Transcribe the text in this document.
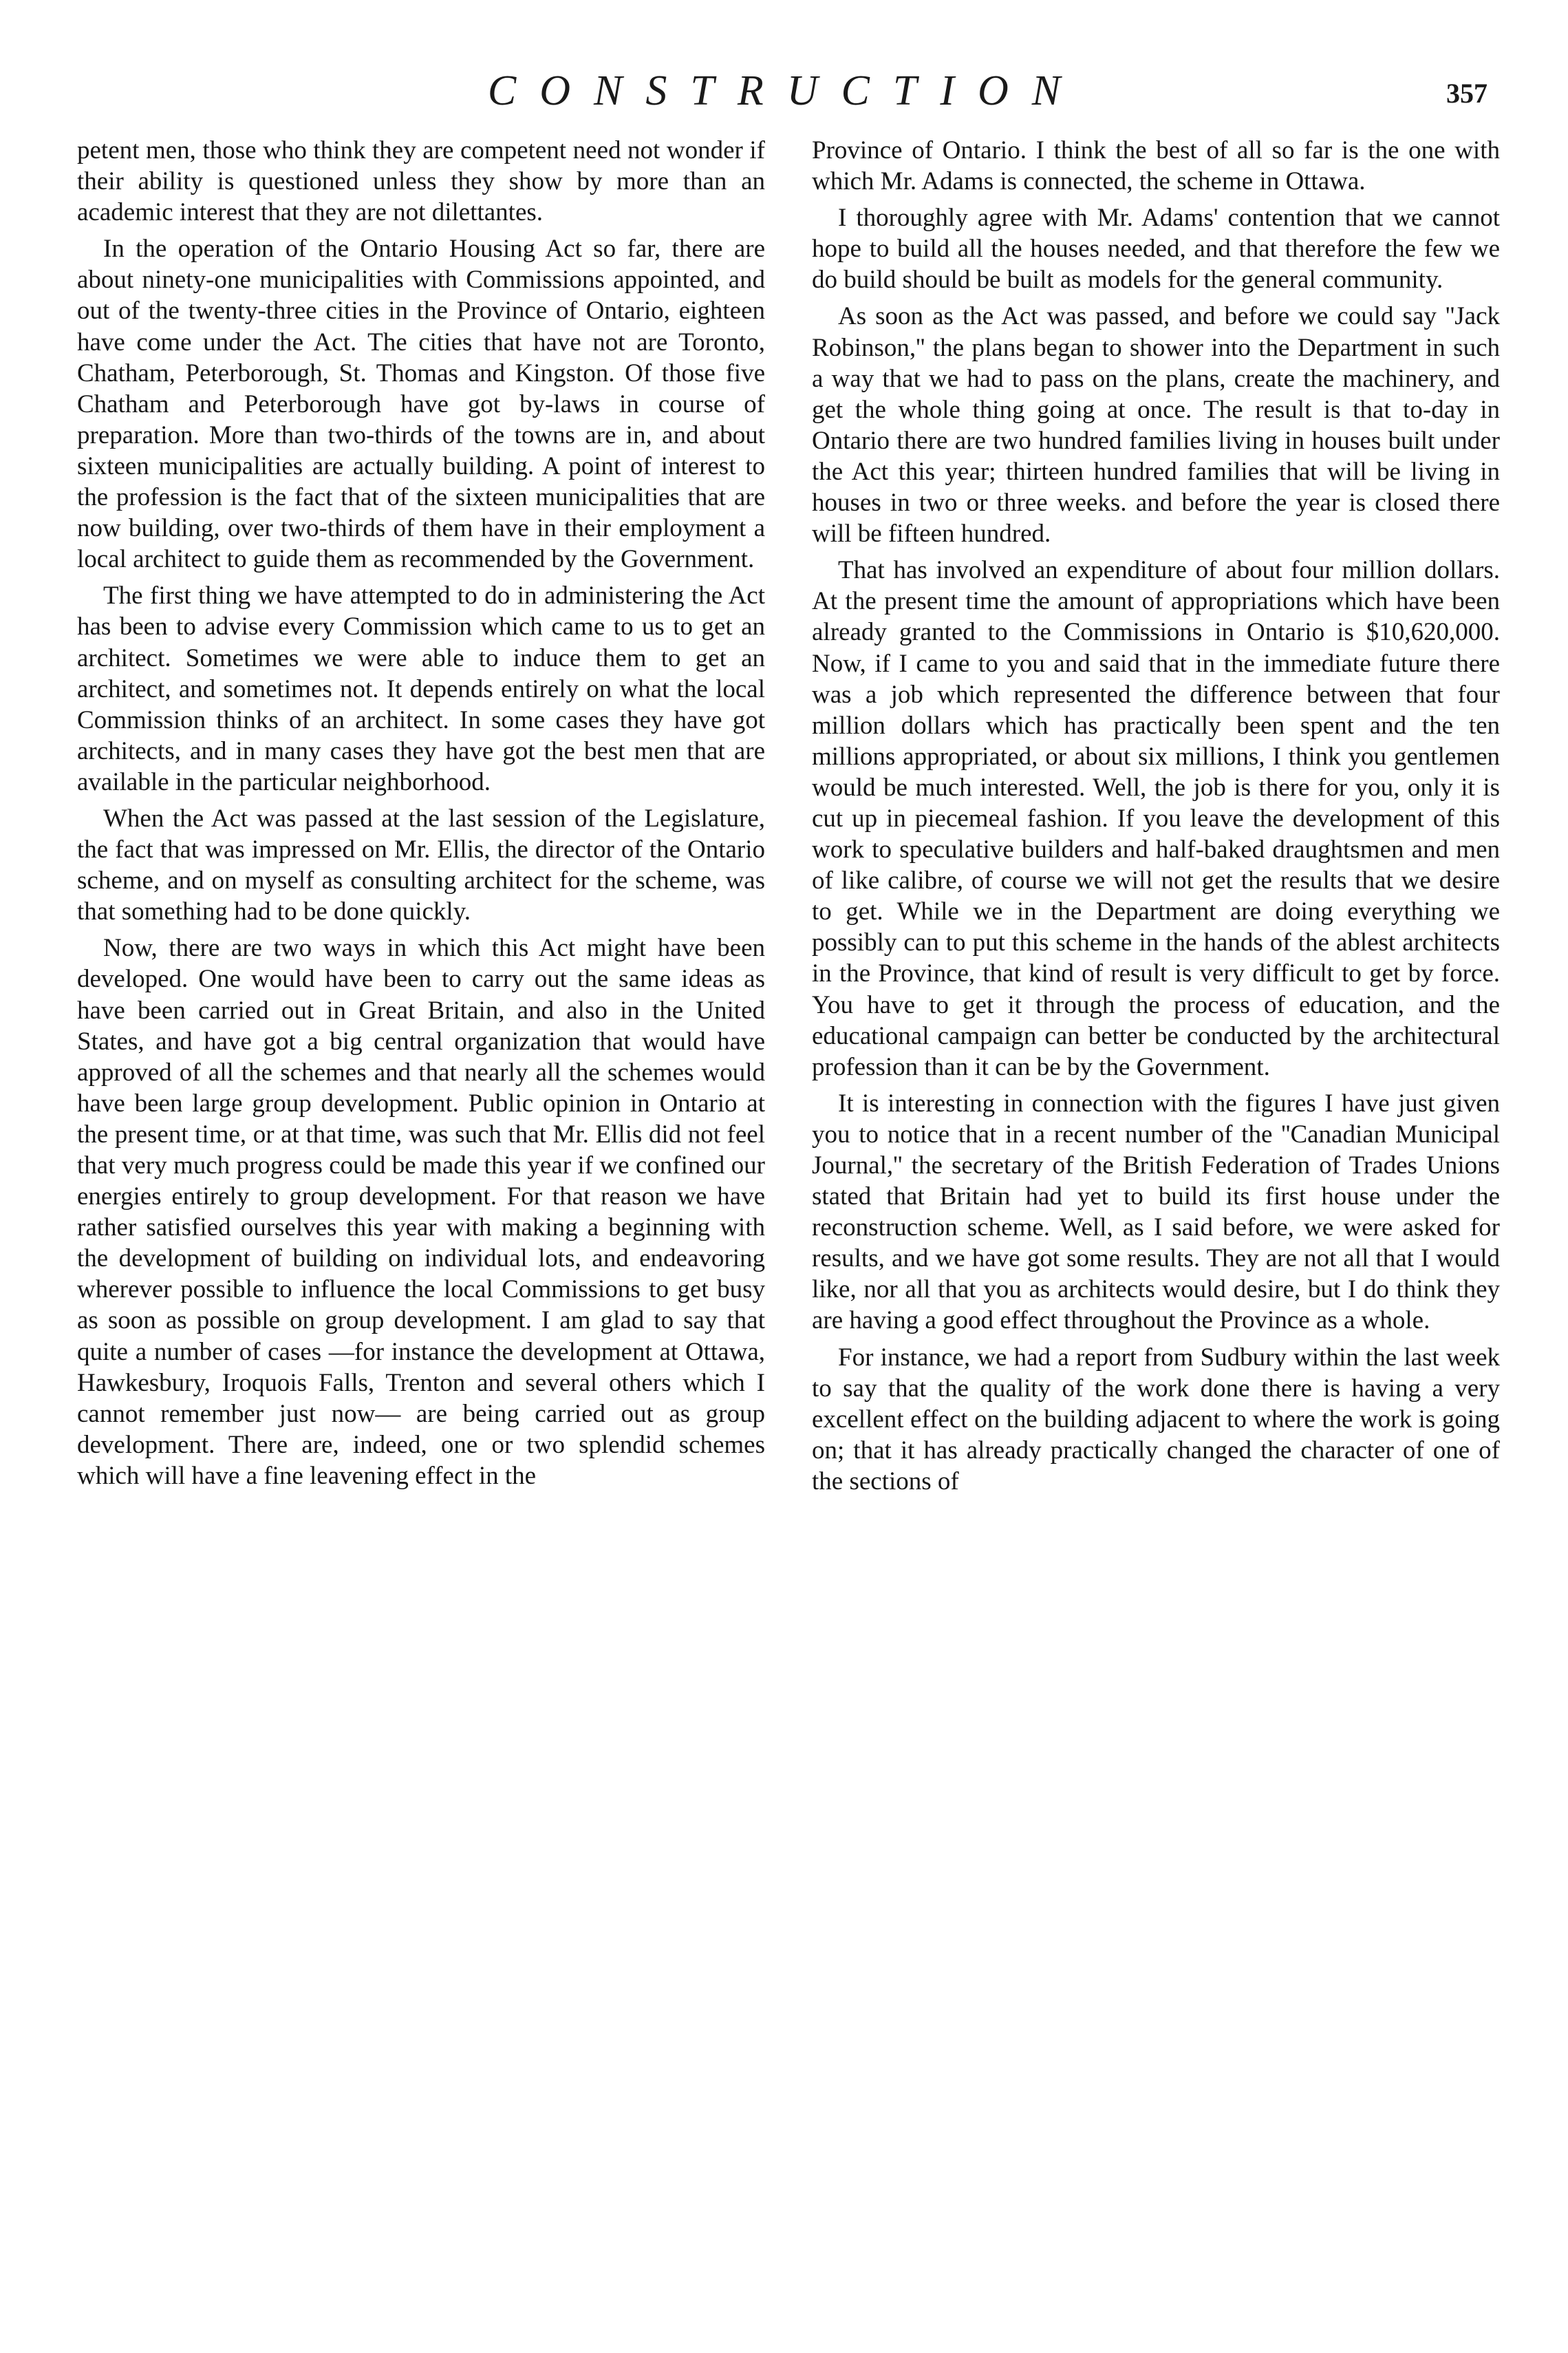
CONSTRUCTION	357

petent men, those who think they are competent need not wonder if their ability is questioned unless they show by more than an academic interest that they are not dilettantes.

In the operation of the Ontario Housing Act so far, there are about ninety-one municipalities with Commissions appointed, and out of the twenty-three cities in the Province of Ontario, eighteen have come under the Act. The cities that have not are Toronto, Chatham, Peterborough, St. Thomas and Kingston. Of those five Chatham and Peterborough have got by-laws in course of preparation. More than two-thirds of the towns are in, and about sixteen municipalities are actually building. A point of interest to the profession is the fact that of the sixteen municipalities that are now building, over two-thirds of them have in their employment a local architect to guide them as recommended by the Government.

The first thing we have attempted to do in administering the Act has been to advise every Commission which came to us to get an architect. Sometimes we were able to induce them to get an architect, and sometimes not. It depends entirely on what the local Commission thinks of an architect. In some cases they have got architects, and in many cases they have got the best men that are available in the particular neighborhood.

When the Act was passed at the last session of the Legislature, the fact that was impressed on Mr. Ellis, the director of the Ontario scheme, and on myself as consulting architect for the scheme, was that something had to be done quickly.

Now, there are two ways in which this Act might have been developed. One would have been to carry out the same ideas as have been carried out in Great Britain, and also in the United States, and have got a big central organization that would have approved of all the schemes and that nearly all the schemes would have been large group development. Public opinion in Ontario at the present time, or at that time, was such that Mr. Ellis did not feel that very much progress could be made this year if we confined our energies entirely to group development. For that reason we have rather satisfied ourselves this year with making a beginning with the development of building on individual lots, and endeavoring wherever possible to influence the local Commissions to get busy as soon as possible on group development. I am glad to say that quite a number of cases —for instance the development at Ottawa, Hawkesbury, Iroquois Falls, Trenton and several others which I cannot remember just now— are being carried out as group development. There are, indeed, one or two splendid schemes which will have a fine leavening effect in the

Province of Ontario. I think the best of all so far is the one with which Mr. Adams is connected, the scheme in Ottawa.

I thoroughly agree with Mr. Adams' contention that we cannot hope to build all the houses needed, and that therefore the few we do build should be built as models for the general community.

As soon as the Act was passed, and before we could say ''Jack Robinson,'' the plans began to shower into the Department in such a way that we had to pass on the plans, create the machinery, and get the whole thing going at once. The result is that to-day in Ontario there are two hundred families living in houses built under the Act this year; thirteen hundred families that will be living in houses in two or three weeks. and before the year is closed there will be fifteen hundred.

That has involved an expenditure of about four million dollars. At the present time the amount of appropriations which have been already granted to the Commissions in Ontario is $10,620,000. Now, if I came to you and said that in the immediate future there was a job which represented the difference between that four million dollars which has practically been spent and the ten millions appropriated, or about six millions, I think you gentlemen would be much interested. Well, the job is there for you, only it is cut up in piecemeal fashion. If you leave the development of this work to speculative builders and half-baked draughtsmen and men of like calibre, of course we will not get the results that we desire to get. While we in the Department are doing everything we possibly can to put this scheme in the hands of the ablest architects in the Province, that kind of result is very difficult to get by force. You have to get it through the process of education, and the educational campaign can better be conducted by the architectural profession than it can be by the Government.

It is interesting in connection with the figures I have just given you to notice that in a recent number of the ''Canadian Municipal Journal,'' the secretary of the British Federation of Trades Unions stated that Britain had yet to build its first house under the reconstruction scheme. Well, as I said before, we were asked for results, and we have got some results. They are not all that I would like, nor all that you as architects would desire, but I do think they are having a good effect throughout the Province as a whole.

For instance, we had a report from Sudbury within the last week to say that the quality of the work done there is having a very excellent effect on the building adjacent to where the work is going on; that it has already practically changed the character of one of the sections of
